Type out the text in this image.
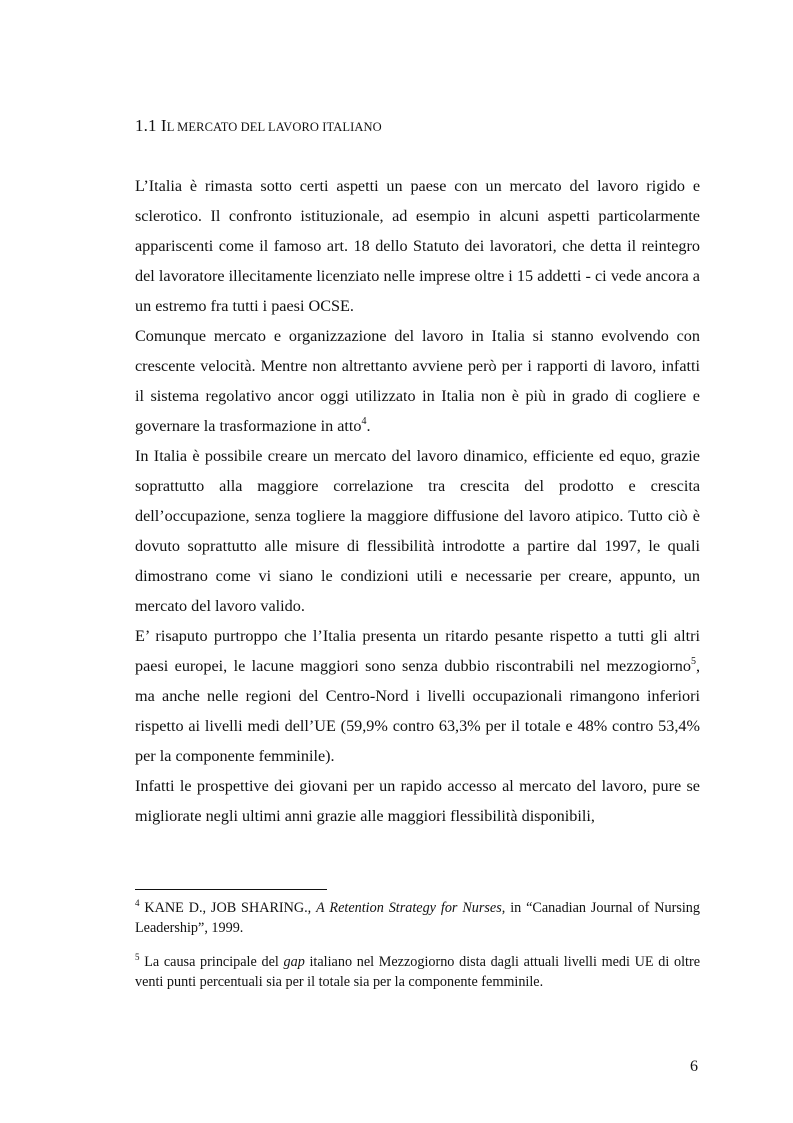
1.1 IL MERCATO DEL LAVORO ITALIANO

L’Italia è rimasta sotto certi aspetti un paese con un mercato del lavoro rigido e sclerotico. Il confronto istituzionale, ad esempio in alcuni aspetti particolarmente appariscenti come il famoso art. 18 dello Statuto dei lavoratori, che detta il reintegro del lavoratore illecitamente licenziato nelle imprese oltre i 15 addetti - ci vede ancora a un estremo fra tutti i paesi OCSE.

Comunque mercato e organizzazione del lavoro in Italia si stanno evolvendo con crescente velocità. Mentre non altrettanto avviene però per i rapporti di lavoro, infatti il sistema regolativo ancor oggi utilizzato in Italia non è più in grado di cogliere e governare la trasformazione in atto$^4$.

In Italia è possibile creare un mercato del lavoro dinamico, efficiente ed equo, grazie soprattutto alla maggiore correlazione tra crescita del prodotto e crescita dell’occupazione, senza togliere la maggiore diffusione del lavoro atipico. Tutto ciò è dovuto soprattutto alle misure di flessibilità introdotte a partire dal 1997, le quali dimostrano come vi siano le condizioni utili e necessarie per creare, appunto, un mercato del lavoro valido.

E’ risaputo purtroppo che l’Italia presenta un ritardo pesante rispetto a tutti gli altri paesi europei, le lacune maggiori sono senza dubbio riscontrabili nel mezzogiorno$^5$, ma anche nelle regioni del Centro-Nord i livelli occupazionali rimangono inferiori rispetto ai livelli medi dell’UE (59,9% contro 63,3% per il totale e 48% contro 53,4% per la componente femminile).

Infatti le prospettive dei giovani per un rapido accesso al mercato del lavoro, pure se migliorate negli ultimi anni grazie alle maggiori flessibilità disponibili,

$^4$ KANE D., JOB SHARING., A Retention Strategy for Nurses, in “Canadian Journal of Nursing Leadership”, 1999.
$^5$ La causa principale del gap italiano nel Mezzogiorno dista dagli attuali livelli medi UE di oltre venti punti percentuali sia per il totale sia per la componente femminile.
6
